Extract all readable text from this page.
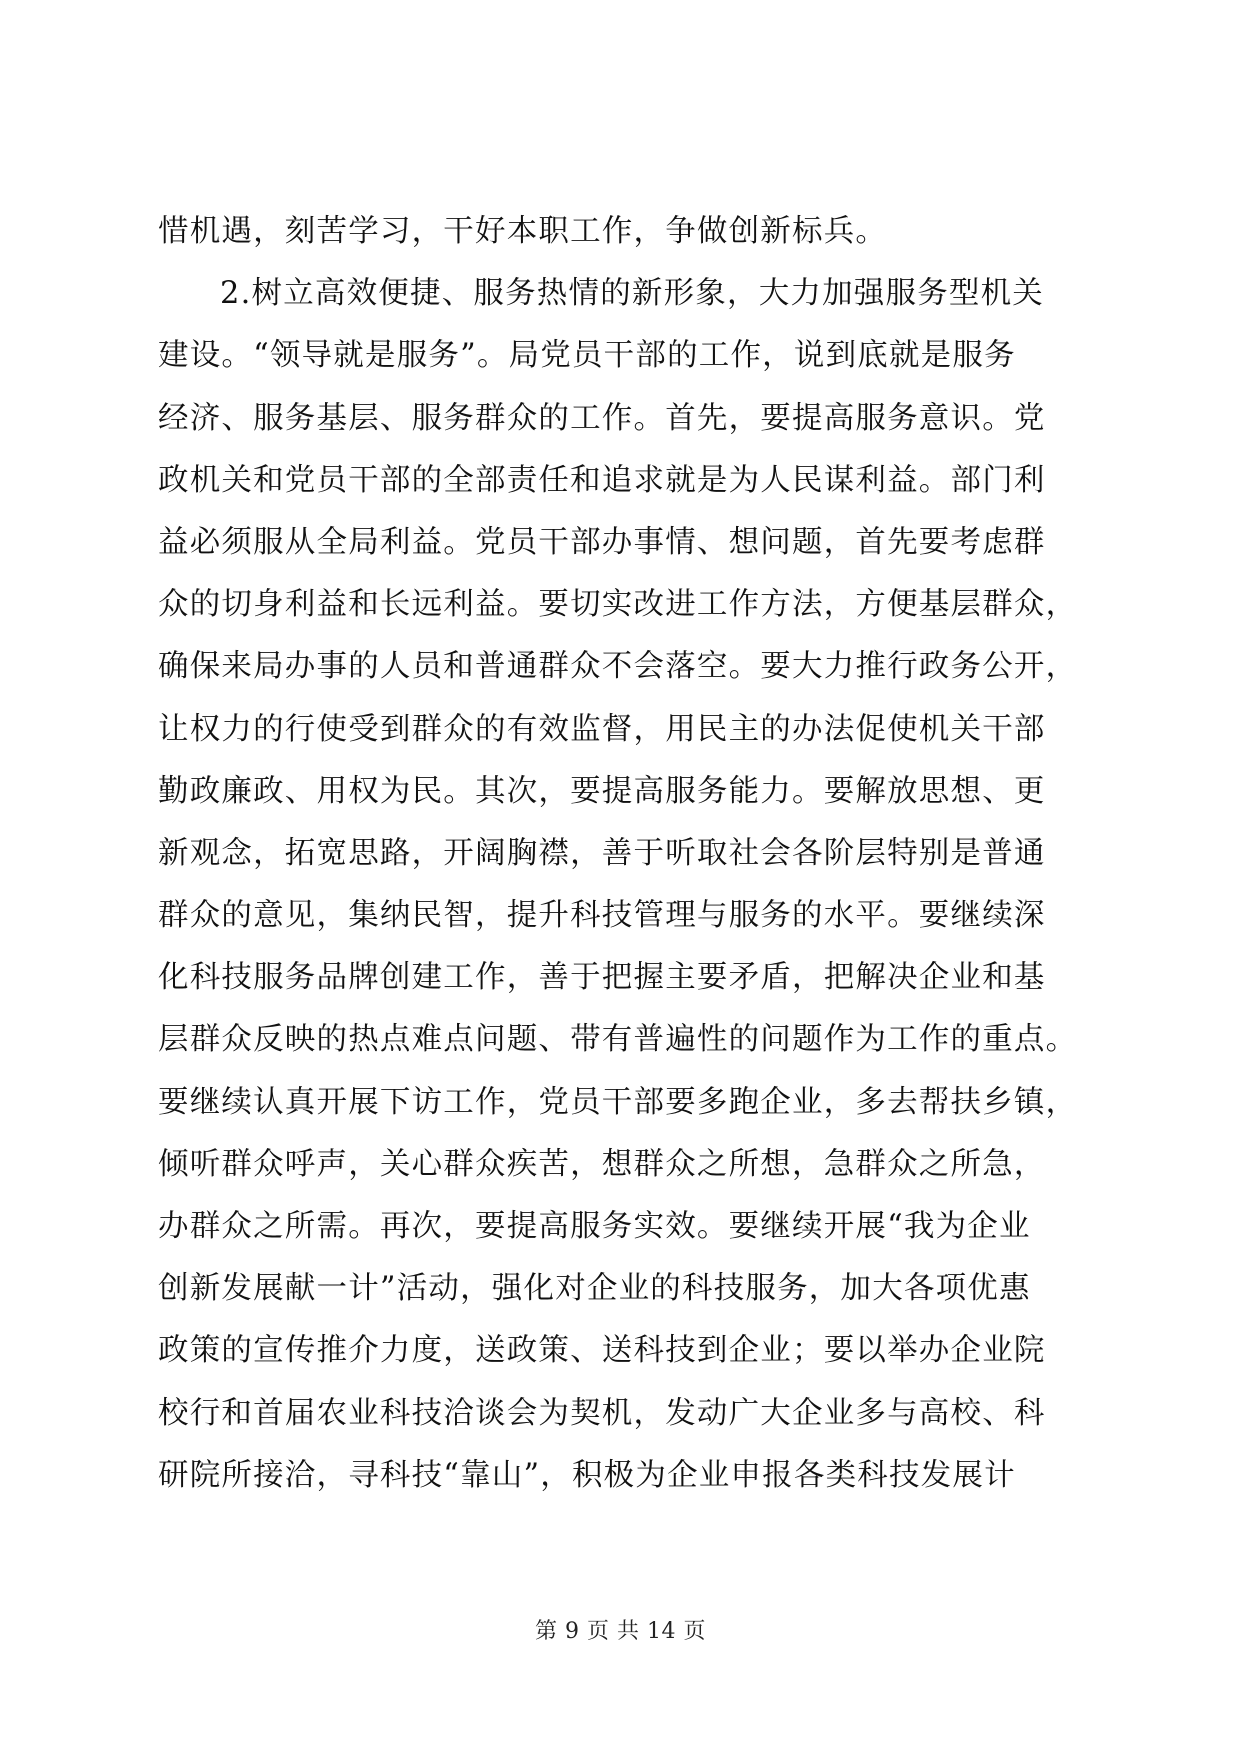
惜机遇，刻苦学习，干好本职工作，争做创新标兵。
2.树立高效便捷、服务热情的新形象，大力加强服务型机关
建设。“领导就是服务”。局党员干部的工作，说到底就是服务
经济、服务基层、服务群众的工作。首先，要提高服务意识。党
政机关和党员干部的全部责任和追求就是为人民谋利益。部门利
益必须服从全局利益。党员干部办事情、想问题，首先要考虑群
众的切身利益和长远利益。要切实改进工作方法，方便基层群众，
确保来局办事的人员和普通群众不会落空。要大力推行政务公开，
让权力的行使受到群众的有效监督，用民主的办法促使机关干部
勤政廉政、用权为民。其次，要提高服务能力。要解放思想、更
新观念，拓宽思路，开阔胸襟，善于听取社会各阶层特别是普通
群众的意见，集纳民智，提升科技管理与服务的水平。要继续深
化科技服务品牌创建工作，善于把握主要矛盾，把解决企业和基
层群众反映的热点难点问题、带有普遍性的问题作为工作的重点。
要继续认真开展下访工作，党员干部要多跑企业，多去帮扶乡镇，
倾听群众呼声，关心群众疾苦，想群众之所想，急群众之所急，
办群众之所需。再次，要提高服务实效。要继续开展“我为企业
创新发展献一计”活动，强化对企业的科技服务，加大各项优惠
政策的宣传推介力度，送政策、送科技到企业；要以举办企业院
校行和首届农业科技洽谈会为契机，发动广大企业多与高校、科
研院所接洽，寻科技“靠山”，积极为企业申报各类科技发展计
第 9 页 共 14 页
